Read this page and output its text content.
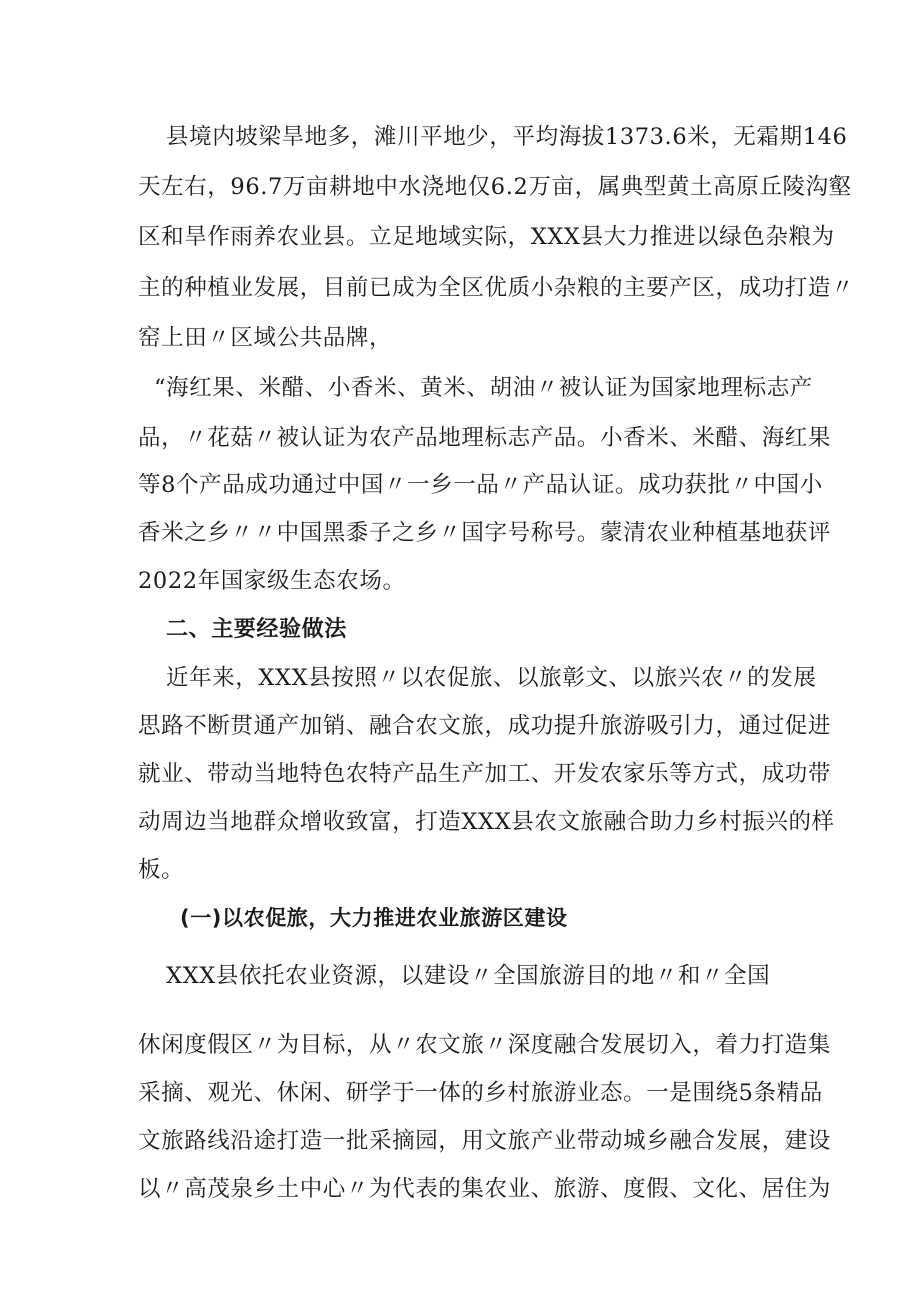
县境内坡梁旱地多，滩川平地少，平均海拔1373.6米，无霜期146
天左右，96.7万亩耕地中水浇地仅6.2万亩，属典型黄土高原丘陵沟壑
区和旱作雨养农业县。立足地域实际，XXX县大力推进以绿色杂粮为
主的种植业发展，目前已成为全区优质小杂粮的主要产区，成功打造〃
窑上田〃区域公共品牌，
“海红果、米醋、小香米、黄米、胡油〃被认证为国家地理标志产
品，〃花菇〃被认证为农产品地理标志产品。小香米、米醋、海红果
等8个产品成功通过中国〃一乡一品〃产品认证。成功获批〃中国小
香米之乡〃〃中国黑黍子之乡〃国字号称号。蒙清农业种植基地获评
2022年国家级生态农场。
二、主要经验做法
近年来，XXX县按照〃以农促旅、以旅彰文、以旅兴农〃的发展
思路不断贯通产加销、融合农文旅，成功提升旅游吸引力，通过促进
就业、带动当地特色农特产品生产加工、开发农家乐等方式，成功带
动周边当地群众增收致富，打造XXX县农文旅融合助力乡村振兴的样
板。
(一)以农促旅，大力推进农业旅游区建设
XXX县依托农业资源，以建设〃全国旅游目的地〃和〃全国
休闲度假区〃为目标，从〃农文旅〃深度融合发展切入，着力打造集
采摘、观光、休闲、研学于一体的乡村旅游业态。一是围绕5条精品
文旅路线沿途打造一批采摘园，用文旅产业带动城乡融合发展，建设
以〃高茂泉乡土中心〃为代表的集农业、旅游、度假、文化、居住为
